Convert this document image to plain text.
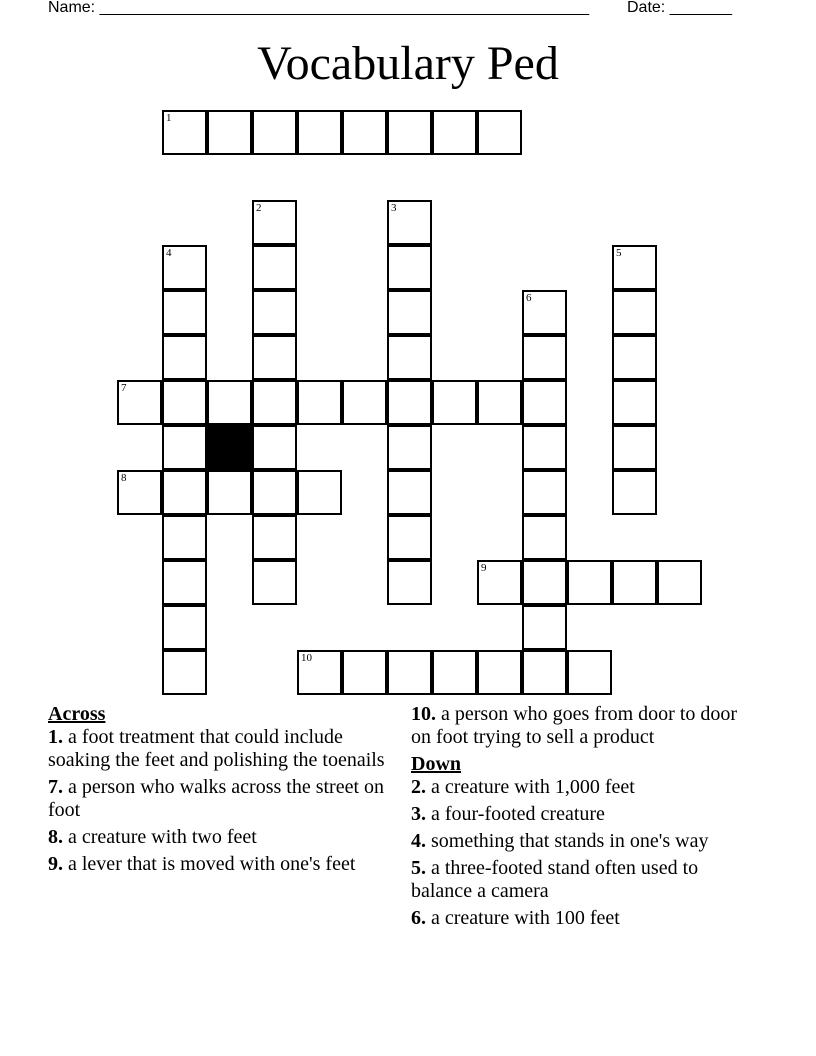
Name: _______________________________________________________ Date: _______
Vocabulary Ped
1
2	3
4	5
6
7
8
9
10

Across

1. a foot treatment that could include soaking the feet and polishing the toenails

7. a person who walks across the street on foot

8. a creature with two feet

9. a lever that is moved with one's feet

10. a person who goes from door to door on foot trying to sell a product

Down

2. a creature with 1,000 feet

3. a four-footed creature

4. something that stands in one's way

5. a three-footed stand often used to balance a camera

6. a creature with 100 feet
